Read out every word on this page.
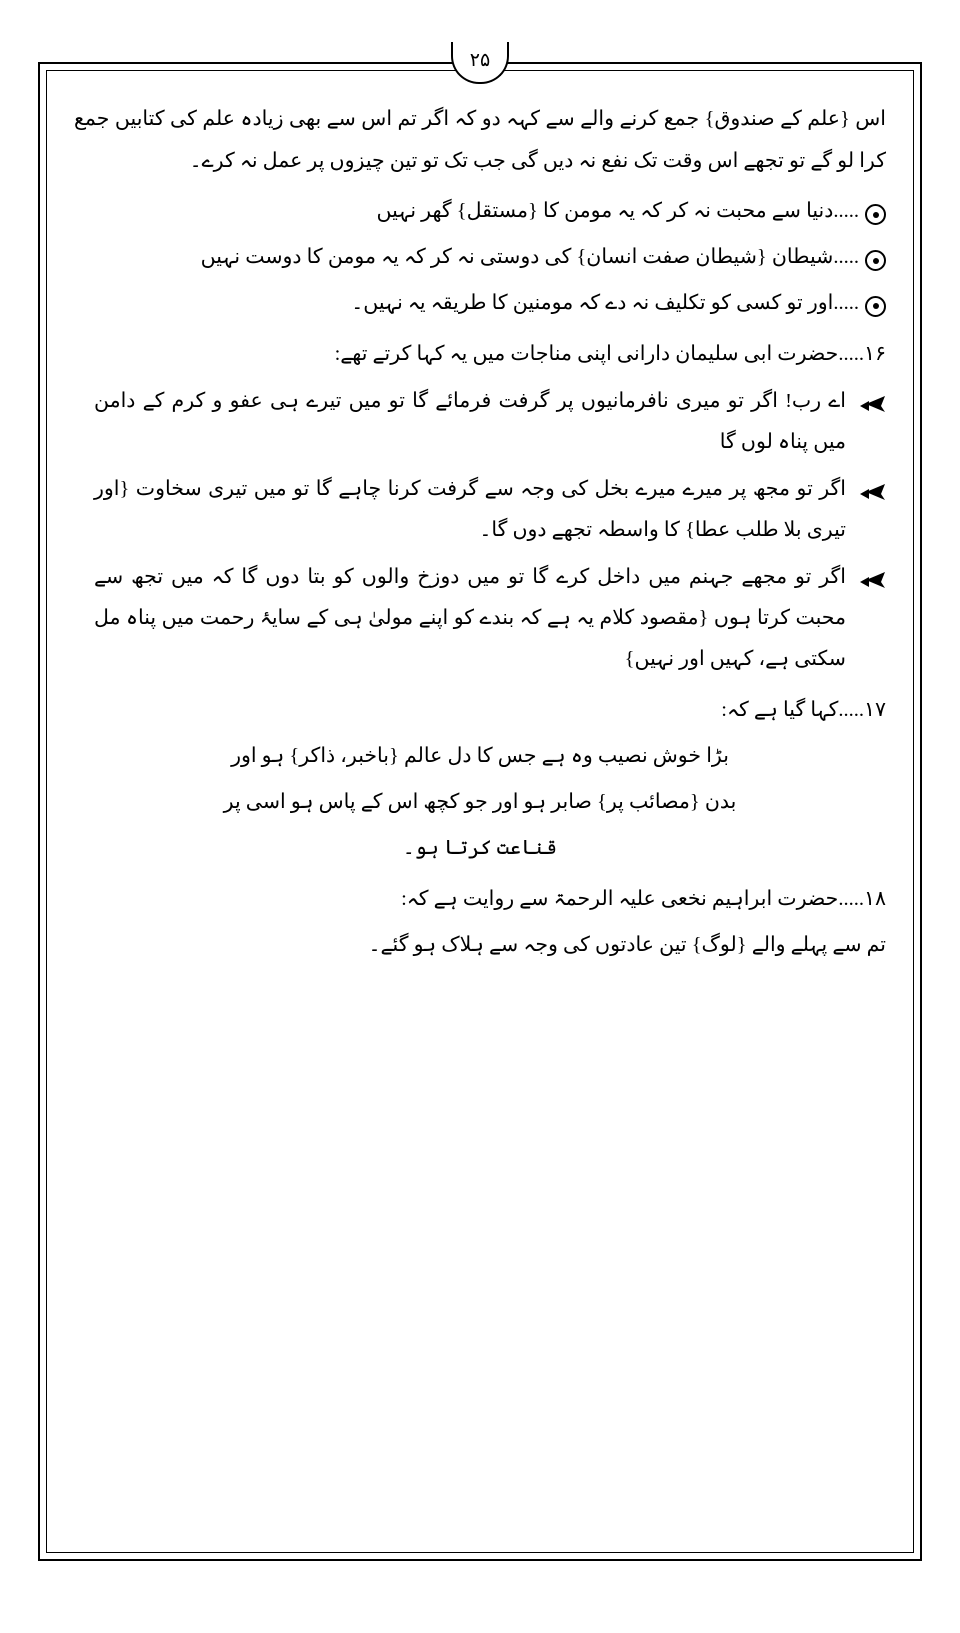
۲۵

اس {علم کے صندوق} جمع کرنے والے سے کہہ دو کہ اگر تم اس سے بھی زیادہ علم کی کتابیں جمع کرا لو گے تو تجھے اس وقت تک نفع نہ دیں گی جب تک تو تین چیزوں پر عمل نہ کرے۔

.....دنیا سے محبت نہ کر کہ یہ مومن کا {مستقل} گھر نہیں
.....شیطان {شیطان صفت انسان} کی دوستی نہ کر کہ یہ مومن کا دوست نہیں
.....اور تو کسی کو تکلیف نہ دے کہ مومنین کا طریقہ یہ نہیں۔

۱۶.....حضرت ابی سلیمان دارانی اپنی مناجات میں یہ کہا کرتے تھے:

اے رب! اگر تو میری نافرمانیوں پر گرفت فرمائے گا تو میں تیرے ہی عفو و کرم کے دامن میں پناہ لوں گا
اگر تو مجھ پر میرے میرے بخل کی وجہ سے گرفت کرنا چاہے گا تو میں تیری سخاوت {اور تیری بلا طلب عطا} کا واسطہ تجھے دوں گا۔
اگر تو مجھے جہنم میں داخل کرے گا تو میں دوزخ والوں کو بتا دوں گا کہ میں تجھ سے محبت کرتا ہوں {مقصود کلام یہ ہے کہ بندے کو اپنے مولیٰ ہی کے سایۂ رحمت میں پناہ مل سکتی ہے، کہیں اور نہیں}

۱۷.....کہا گیا ہے کہ:

بڑا خوش نصیب وہ ہے جس کا دل عالم {باخبر، ذاکر} ہو اور

بدن {مصائب پر} صابر ہو اور جو کچھ اس کے پاس ہو اسی پر

قناعت کرتا ہو۔

۱۸.....حضرت ابراہیم نخعی علیہ الرحمۃ سے روایت ہے کہ:

تم سے پہلے والے {لوگ} تین عادتوں کی وجہ سے ہلاک ہو گئے۔
